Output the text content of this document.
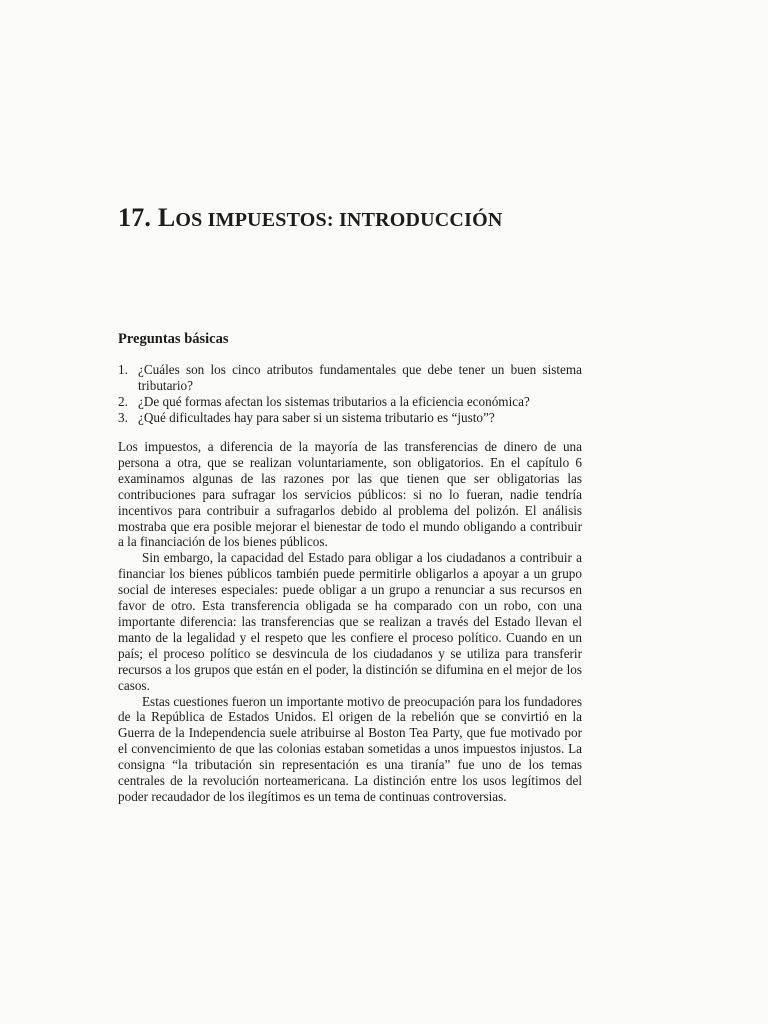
17. LOS IMPUESTOS: INTRODUCCIÓN
Preguntas básicas
1. ¿Cuáles son los cinco atributos fundamentales que debe tener un buen sistema tributario?
2. ¿De qué formas afectan los sistemas tributarios a la eficiencia económica?
3. ¿Qué dificultades hay para saber si un sistema tributario es “justo”?

Los impuestos, a diferencia de la mayoría de las transferencias de dinero de una persona a otra, que se realizan voluntariamente, son obligatorios. En el capítulo 6 examinamos algunas de las razones por las que tienen que ser obligatorias las contribuciones para sufragar los servicios públicos: si no lo fueran, nadie tendría incentivos para contribuir a sufragarlos debido al problema del polizón. El análisis mostraba que era posible mejorar el bienestar de todo el mundo obligando a contribuir a la financiación de los bienes públicos.

Sin embargo, la capacidad del Estado para obligar a los ciudadanos a contribuir a financiar los bienes públicos también puede permitirle obligarlos a apoyar a un grupo social de intereses especiales: puede obligar a un grupo a renunciar a sus recursos en favor de otro. Esta transferencia obligada se ha comparado con un robo, con una importante diferencia: las transferencias que se realizan a través del Estado llevan el manto de la legalidad y el respeto que les confiere el proceso político. Cuando en un país; el proceso político se desvincula de los ciudadanos y se utiliza para transferir recursos a los grupos que están en el poder, la distinción se difumina en el mejor de los casos.

Estas cuestiones fueron un importante motivo de preocupación para los fundadores de la República de Estados Unidos. El origen de la rebelión que se convirtió en la Guerra de la Independencia suele atribuirse al Boston Tea Party, que fue motivado por el convencimiento de que las colonias estaban sometidas a unos impuestos injustos. La consigna “la tributación sin representación es una tiranía” fue uno de los temas centrales de la revolución norteamericana. La distinción entre los usos legítimos del poder recaudador de los ilegítimos es un tema de continuas controversias.
